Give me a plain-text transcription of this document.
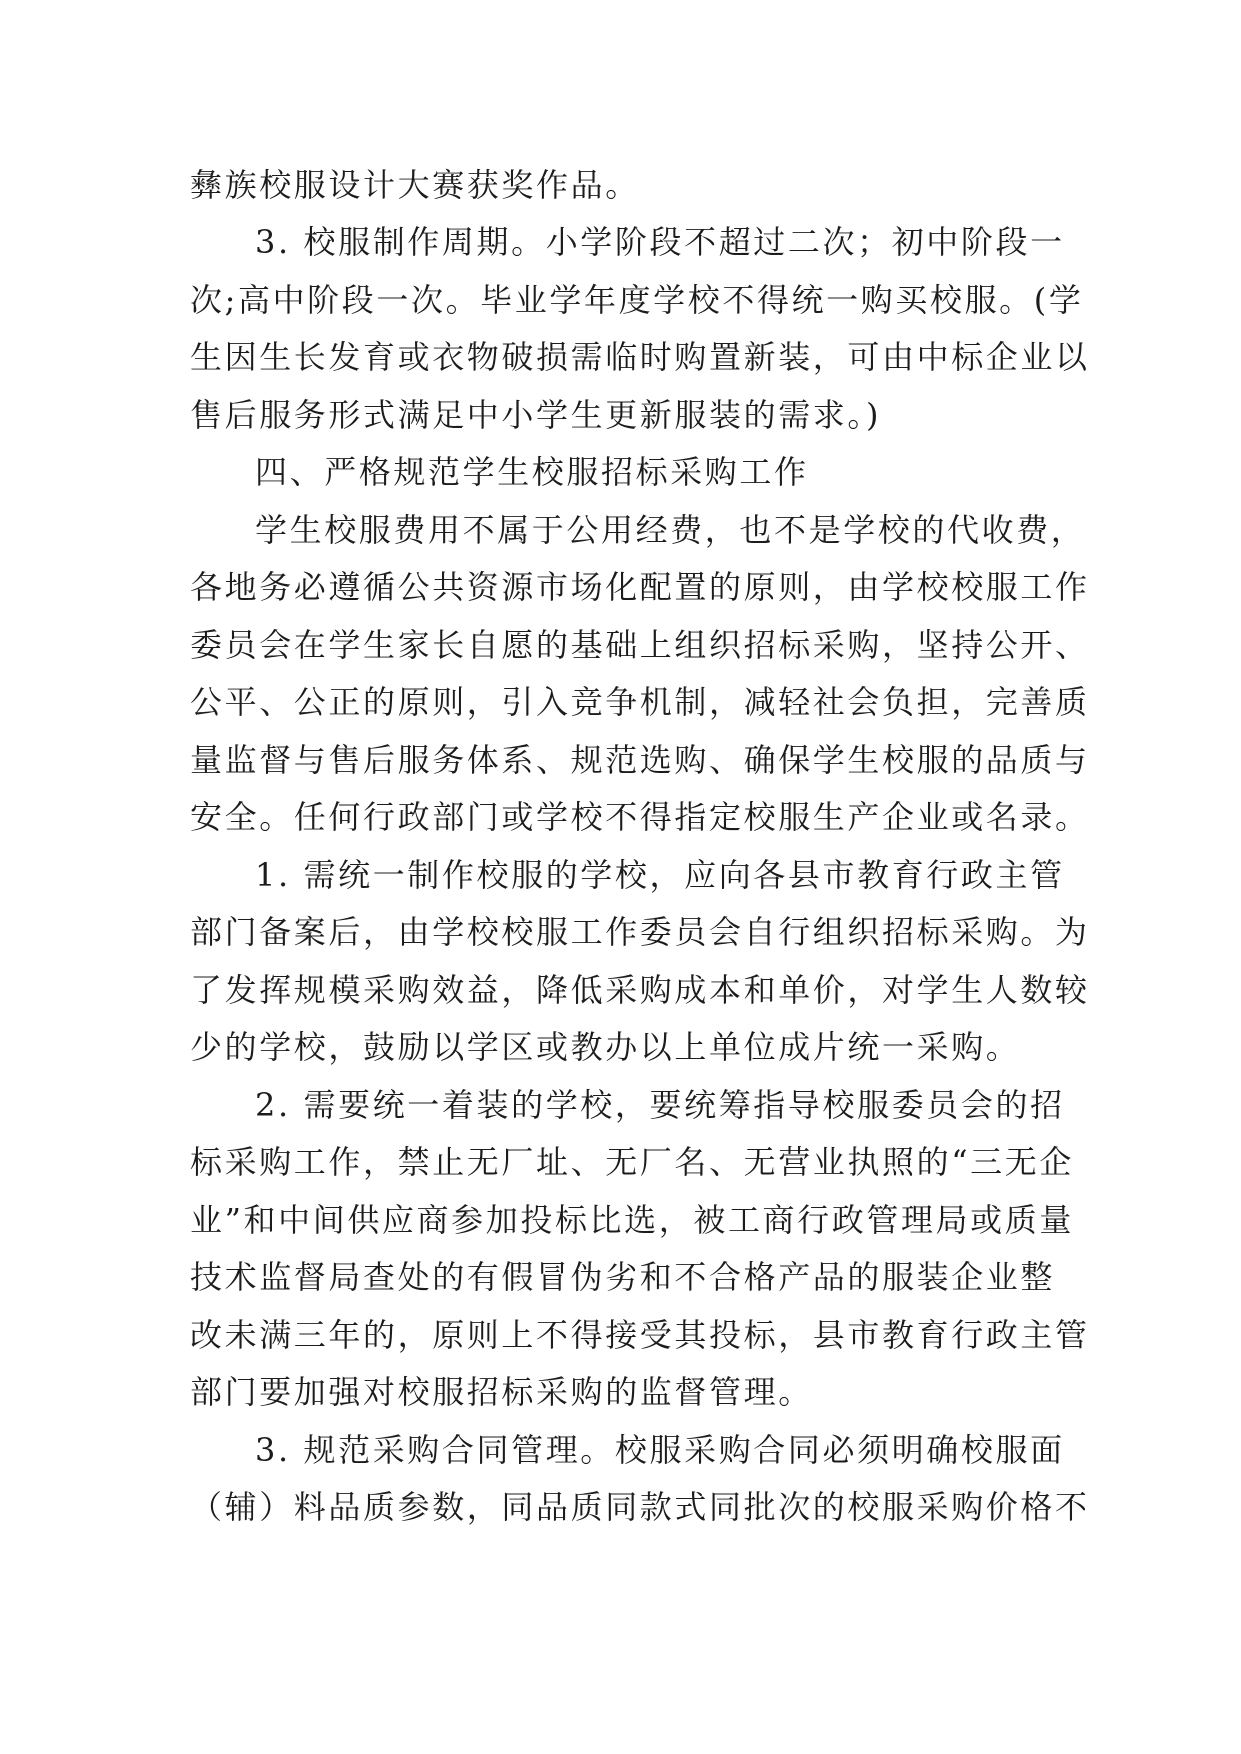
彝族校服设计大赛获奖作品。
3. 校服制作周期。小学阶段不超过二次；初中阶段一
次;高中阶段一次。毕业学年度学校不得统一购买校服。(学
生因生长发育或衣物破损需临时购置新装，可由中标企业以
售后服务形式满足中小学生更新服装的需求。)
四、严格规范学生校服招标采购工作
学生校服费用不属于公用经费，也不是学校的代收费，
各地务必遵循公共资源市场化配置的原则，由学校校服工作
委员会在学生家长自愿的基础上组织招标采购，坚持公开、
公平、公正的原则，引入竞争机制，减轻社会负担，完善质
量监督与售后服务体系、规范选购、确保学生校服的品质与
安全。任何行政部门或学校不得指定校服生产企业或名录。
1. 需统一制作校服的学校，应向各县市教育行政主管
部门备案后，由学校校服工作委员会自行组织招标采购。为
了发挥规模采购效益，降低采购成本和单价，对学生人数较
少的学校，鼓励以学区或教办以上单位成片统一采购。
2. 需要统一着装的学校，要统筹指导校服委员会的招
标采购工作，禁止无厂址、无厂名、无营业执照的“三无企
业”和中间供应商参加投标比选，被工商行政管理局或质量
技术监督局查处的有假冒伪劣和不合格产品的服装企业整
改未满三年的，原则上不得接受其投标，县市教育行政主管
部门要加强对校服招标采购的监督管理。
3. 规范采购合同管理。校服采购合同必须明确校服面
（辅）料品质参数，同品质同款式同批次的校服采购价格不
